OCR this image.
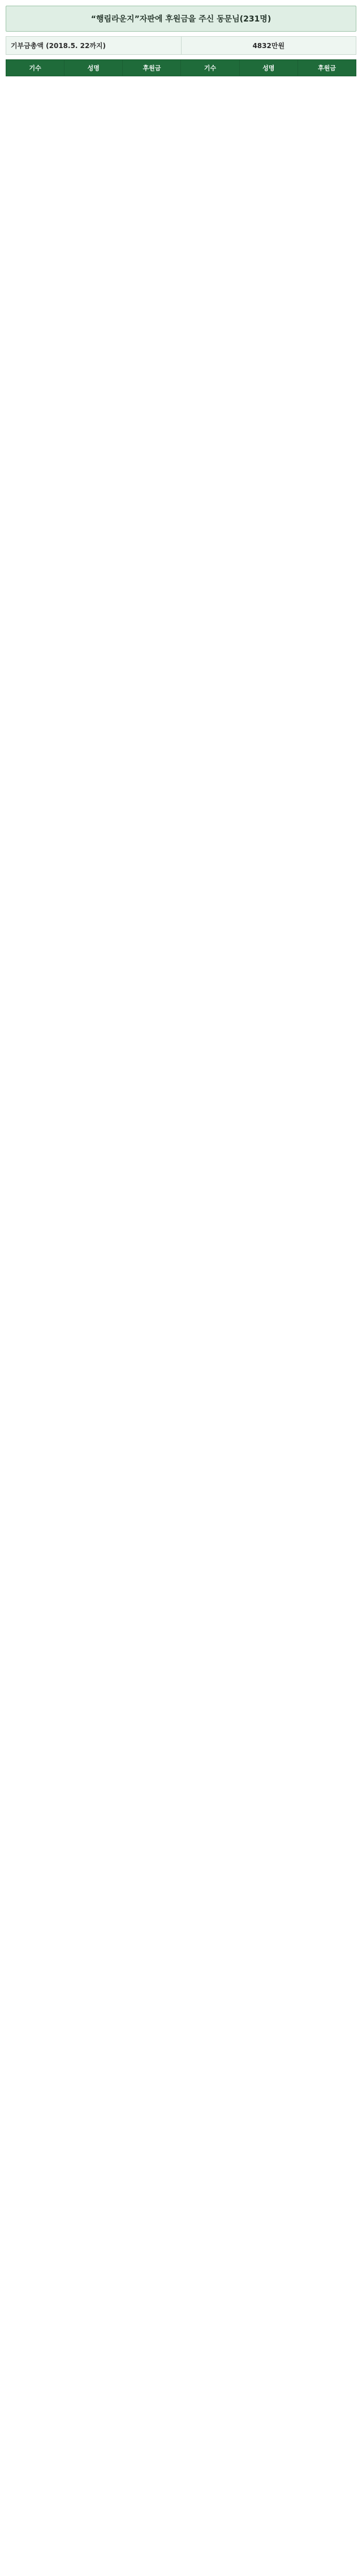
“행림라운지”자판에 후원금을 주신 동문님(231명)
기부금총액 (2018.5. 22까지)	4832만원
기수	성명	후원금	기수	성명	후원금
